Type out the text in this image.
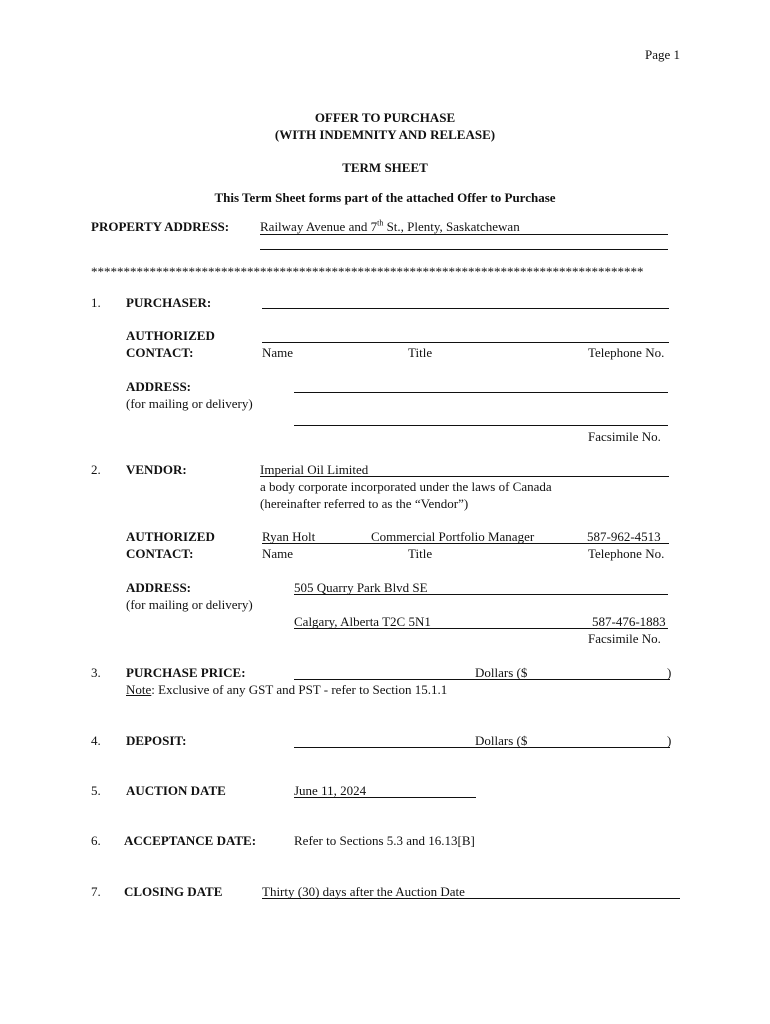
Page 1
OFFER TO PURCHASE
(WITH INDEMNITY AND RELEASE)
TERM SHEET
This Term Sheet forms part of the attached Offer to Purchase
PROPERTY ADDRESS: Railway Avenue and 7th St., Plenty, Saskatchewan
*************************************************************************************
1. PURCHASER:
AUTHORIZED
CONTACT:	Name	Title	Telephone No.
ADDRESS:
(for mailing or delivery)
Facsimile No.
2. VENDOR:	Imperial Oil Limited
a body corporate incorporated under the laws of Canada
(hereinafter referred to as the “Vendor”)
AUTHORIZED
CONTACT:
Ryan Holt	Commercial Portfolio Manager	587-962-4513
Name	Title	Telephone No.
ADDRESS:
(for mailing or delivery)
505 Quarry Park Blvd SE
Calgary, Alberta T2C 5N1	587-476-1883
Facsimile No.
3. PURCHASE PRICE:	Dollars ($	)
Note: Exclusive of any GST and PST - refer to Section 15.1.1
4. DEPOSIT:	Dollars ($	)
5. AUCTION DATE	June 11, 2024
6. ACCEPTANCE DATE:	Refer to Sections 5.3 and 16.13[B]
7. CLOSING DATE	Thirty (30) days after the Auction Date
